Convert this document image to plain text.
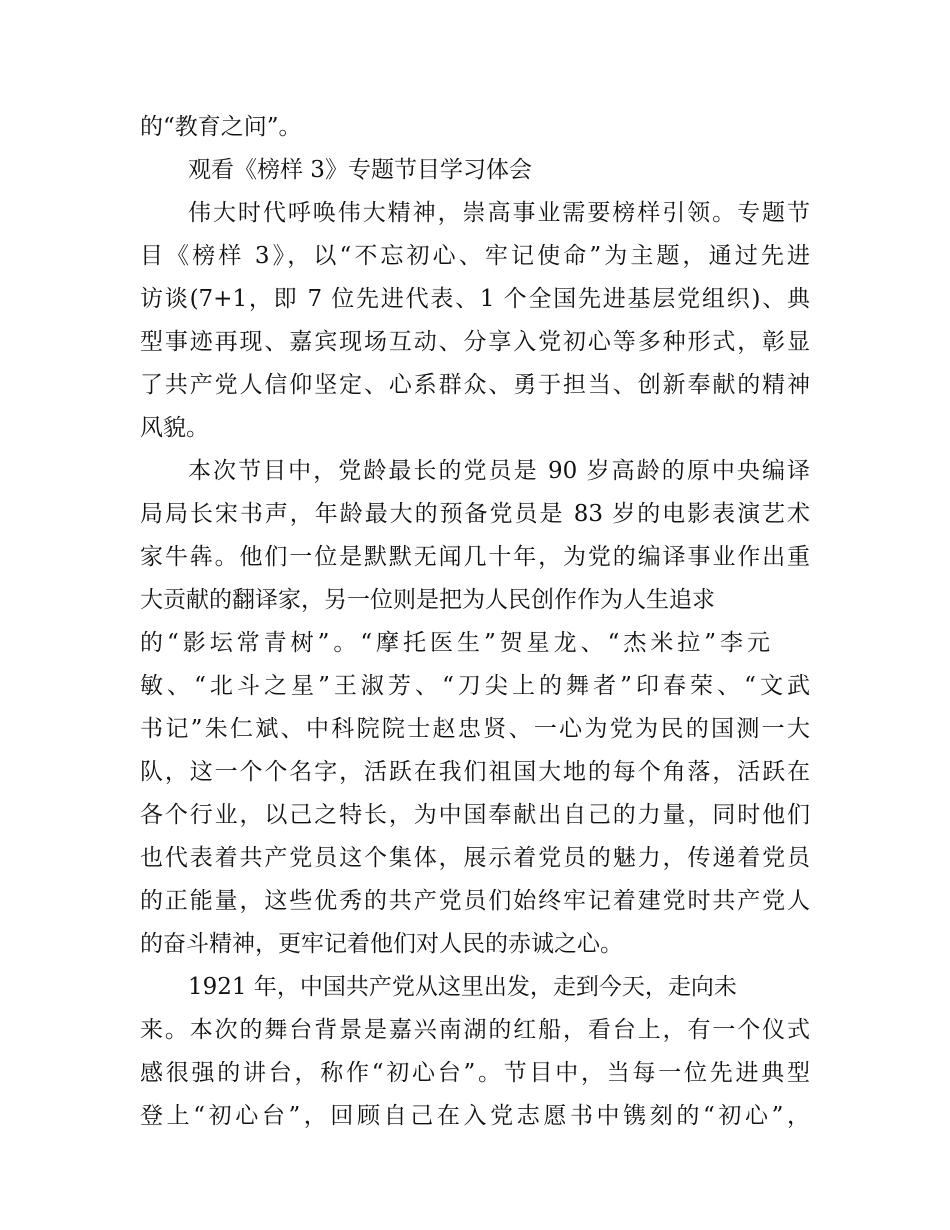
的“教育之问”。

观看《榜样 3》专题节目学习体会

伟大时代呼唤伟大精神，崇高事业需要榜样引领。专题节

目《榜样 3》，以“不忘初心、牢记使命”为主题，通过先进

访谈(7+1，即 7 位先进代表、1 个全国先进基层党组织)、典

型事迹再现、嘉宾现场互动、分享入党初心等多种形式，彰显

了共产党人信仰坚定、心系群众、勇于担当、创新奉献的精神

风貌。

本次节目中，党龄最长的党员是 90 岁高龄的原中央编译

局局长宋书声，年龄最大的预备党员是 83 岁的电影表演艺术

家牛犇。他们一位是默默无闻几十年，为党的编译事业作出重

大贡献的翻译家，另一位则是把为人民创作作为人生追求

的“影坛常青树”。“摩托医生”贺星龙、“杰米拉”李元

敏、“北斗之星”王淑芳、“刀尖上的舞者”印春荣、“文武

书记”朱仁斌、中科院院士赵忠贤、一心为党为民的国测一大

队，这一个个名字，活跃在我们祖国大地的每个角落，活跃在

各个行业，以己之特长，为中国奉献出自己的力量，同时他们

也代表着共产党员这个集体，展示着党员的魅力，传递着党员

的正能量，这些优秀的共产党员们始终牢记着建党时共产党人

的奋斗精神，更牢记着他们对人民的赤诚之心。

1921 年，中国共产党从这里出发，走到今天，走向未

来。本次的舞台背景是嘉兴南湖的红船，看台上，有一个仪式

感很强的讲台，称作“初心台”。节目中，当每一位先进典型

登上“初心台”，回顾自己在入党志愿书中镌刻的“初心”，
